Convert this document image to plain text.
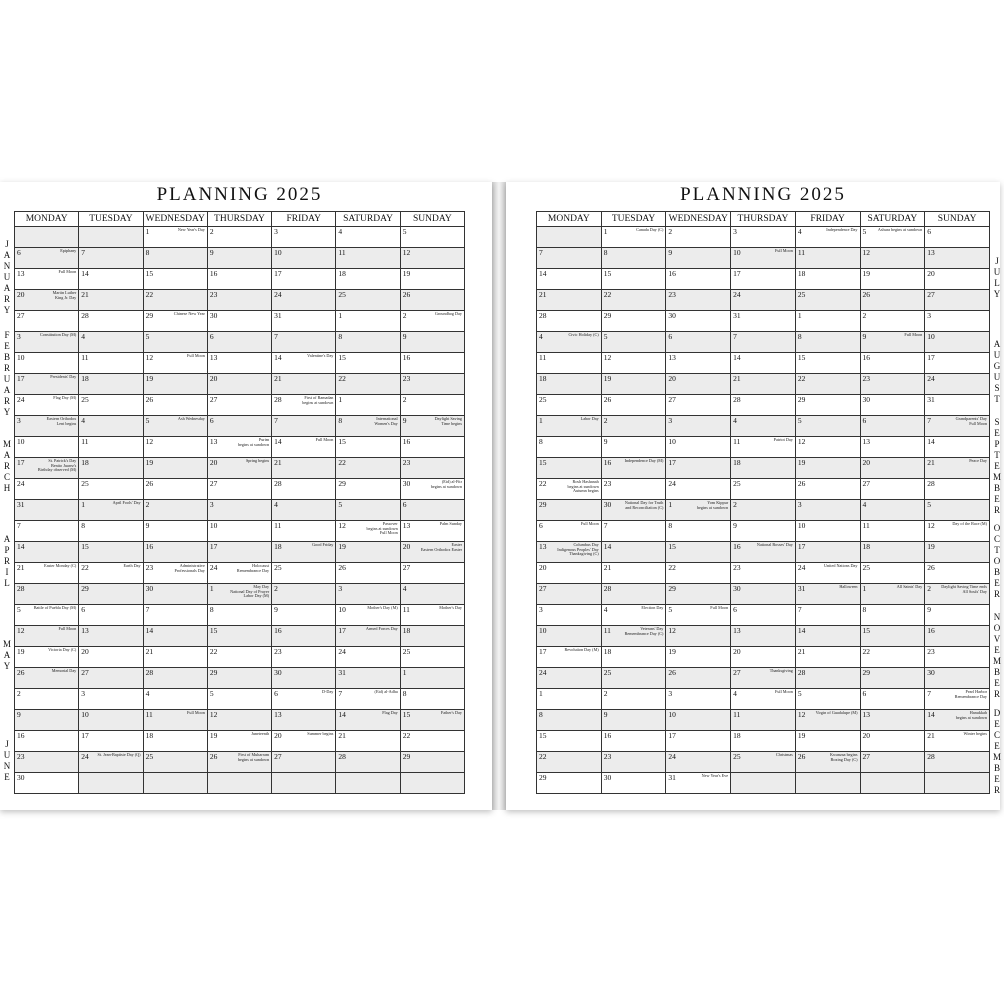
PLANNING 2025
MONDAY	TUESDAY	WEDNESDAY	THURSDAY	FRIDAY	SATURDAY	SUNDAY

		1 New Year's Day	2	3	4	5

6 Epiphany	7	8	9	10	11	12

13 Full Moon	14	15	16	17	18	19

20 Martin Luther
King Jr. Day	21	22	23	24	25	26

27	28	29 Chinese New Year	30	31	1	2 Groundhog Day

3 Constitution Day (M)	4	5	6	7	8	9

10	11	12 Full Moon	13	14 Valentine's Day	15	16

17 Presidents' Day	18	19	20	21	22	23

24 Flag Day (M)	25	26	27	28 First of Ramadan
begins at sundown	1	2

3 Eastern Orthodox
Lent begins	4	5 Ash Wednesday	6	7	8 International
Women's Day	9 Daylight Saving
Time begins

10	11	12	13 Purim
begins at sundown	14 Full Moon	15	16

17 St. Patrick's Day
Benito Juarez's
Birthday observed (M)	18	19	20 Spring begins	21	22	23

24	25	26	27	28	29	30 (Eid) al-Fitr
begins at sundown

31	1 April Fools' Day	2	3	4	5	6

7	8	9	10	11	12 Passover
begins at sundown
Full Moon	13 Palm Sunday

14	15	16	17	18 Good Friday	19	20 Easter
Eastern Orthodox Easter

21 Easter Monday (C)	22 Earth Day	23 Administrative
Professionals Day	24 Holocaust
Remembrance Day	25	26	27

28	29	30	1 May Day
National Day of Prayer
Labor Day (M)	2	3	4

5 Battle of Puebla Day (M)	6	7	8	9	10 Mother's Day (M)	11 Mother's Day

12 Full Moon	13	14	15	16	17 Armed Forces Day	18

19 Victoria Day (C)	20	21	22	23	24	25

26 Memorial Day	27	28	29	30	31	1

2	3	4	5	6 D-Day	7 (Eid) al-Adha	8

9	10	11 Full Moon	12	13	14 Flag Day	15 Father's Day

16	17	18	19 Juneteenth	20 Summer begins	21	22

23	24 St. Jean-Baptiste Day (Q)	25	26 First of Muharram
begins at sundown	27	28	29

30						

J
A
N
U
A
R
Y
F
E
B
R
U
A
R
Y
M
A
R
C
H
A
P
R
I
L
M
A
Y
J
U
N
E
PLANNING 2025
MONDAY	TUESDAY	WEDNESDAY	THURSDAY	FRIDAY	SATURDAY	SUNDAY

	1 Canada Day (C)	2	3	4 Independence Day	5 Ashura begins at sundown	6

7	8	9	10 Full Moon	11	12	13

14	15	16	17	18	19	20

21	22	23	24	25	26	27

28	29	30	31	1	2	3

4 Civic Holiday (C)	5	6	7	8	9 Full Moon	10

11	12	13	14	15	16	17

18	19	20	21	22	23	24

25	26	27	28	29	30	31

1 Labor Day	2	3	4	5	6	7 Grandparents' Day
Full Moon

8	9	10	11 Patriot Day	12	13	14

15	16 Independence Day (M)	17	18	19	20	21 Peace Day

22 Rosh Hashanah
begins at sundown
Autumn begins	23	24	25	26	27	28

29	30 National Day for Truth
and Reconciliation (C)	1 Yom Kippur
begins at sundown	2	3	4	5

6 Full Moon	7	8	9	10	11	12 Day of the Race (M)

13 Columbus Day
Indigenous Peoples' Day
Thanksgiving (C)	14	15	16 National Bosses' Day	17	18	19

20	21	22	23	24 United Nations Day	25	26

27	28	29	30	31 Halloween	1 All Saints' Day	2 Daylight Saving Time ends
All Souls' Day

3	4 Election Day	5 Full Moon	6	7	8	9

10	11 Veterans' Day
Remembrance Day (C)	12	13	14	15	16

17 Revolution Day (M)	18	19	20	21	22	23

24	25	26	27 Thanksgiving	28	29	30

1	2	3	4 Full Moon	5	6	7 Pearl Harbor
Remembrance Day

8	9	10	11	12 Virgin of Guadalupe (M)	13	14 Hanukkah
begins at sundown

15	16	17	18	19	20	21 Winter begins

22	23	24	25 Christmas	26 Kwanzaa begins
Boxing Day (C)	27	28

29	30	31 New Year's Eve				

J
U
L
Y
A
U
G
U
S
T
S
E
P
T
E
M
B
E
R
O
C
T
O
B
E
R
N
O
V
E
M
B
E
R
D
E
C
E
M
B
E
R
